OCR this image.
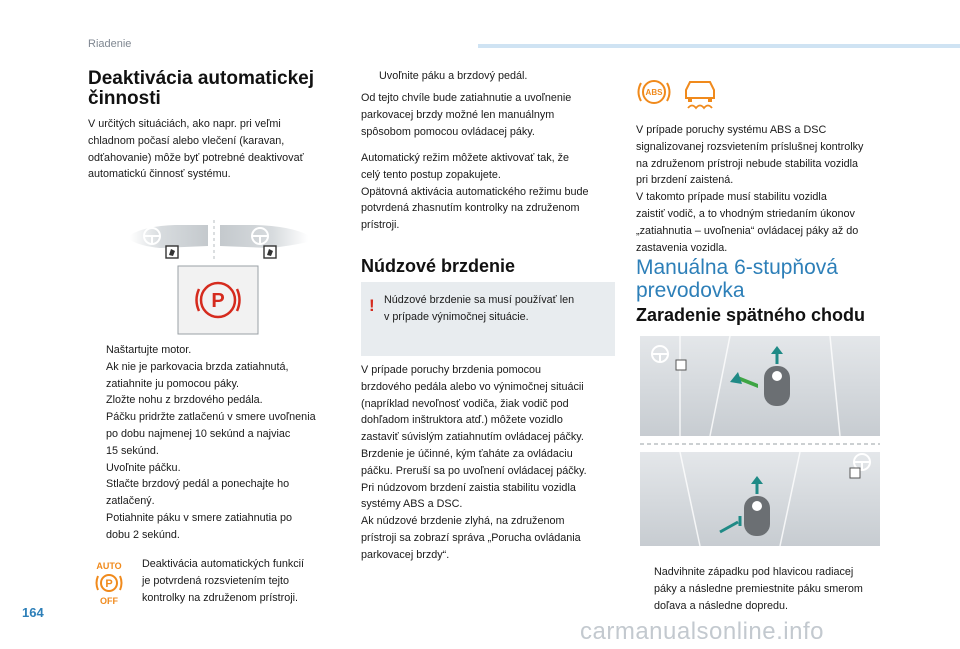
Riadenie
Deaktivácia automatickej
činnosti
V určitých situáciách, ako napr. pri veľmi
chladnom počasí alebo vlečení (karavan,
odťahovanie) môže byť potrebné deaktivovať
automatickú činnosť systému.
P
Naštartujte motor.
Ak nie je parkovacia brzda zatiahnutá,
zatiahnite ju pomocou páky.
Zložte nohu z brzdového pedála.
Páčku pridržte zatlačenú v smere uvoľnenia
po dobu najmenej 10 sekúnd a najviac
15 sekúnd.
Uvoľnite páčku.
Stlačte brzdový pedál a ponechajte ho
zatlačený.
Potiahnite páku v smere zatiahnutia po
dobu 2 sekúnd.
AUTO
P
OFF
Deaktivácia automatických funkcií
je potvrdená rozsvietením tejto
kontrolky na združenom prístroji.
Uvoľnite páku a brzdový pedál.
Od tejto chvíle bude zatiahnutie a uvoľnenie
parkovacej brzdy možné len manuálnym
spôsobom pomocou ovládacej páky.
Automatický režim môžete aktivovať tak, že
celý tento postup zopakujete.
Opätovná aktivácia automatického režimu bude
potvrdená zhasnutím kontrolky na združenom
prístroji.
Núdzové brzdenie
! Núdzové brzdenie sa musí používať len
v prípade výnimočnej situácie.
V prípade poruchy brzdenia pomocou
brzdového pedála alebo vo výnimočnej situácii
(napríklad nevoľnosť vodiča, žiak vodič pod
dohľadom inštruktora atď.) môžete vozidlo
zastaviť súvislým zatiahnutím ovládacej páčky.
Brzdenie je účinné, kým ťaháte za ovládaciu
páčku. Preruší sa po uvoľnení ovládacej páčky.
Pri núdzovom brzdení zaistia stabilitu vozidla
systémy ABS a DSC.
Ak núdzové brzdenie zlyhá, na združenom
prístroji sa zobrazí správa „Porucha ovládania
parkovacej brzdy“.
ABS
V prípade poruchy systému ABS a DSC
signalizovanej rozsvietením príslušnej kontrolky
na združenom prístroji nebude stabilita vozidla
pri brzdení zaistená.
V takomto prípade musí stabilitu vozidla
zaistiť vodič, a to vhodným striedaním úkonov
„zatiahnutia – uvoľnenia“ ovládacej páky až do
zastavenia vozidla.
Manuálna 6-stupňová
prevodovka
Zaradenie spätného chodu
Nadvihnite západku pod hlavicou radiacej
páky a následne premiestnite páku smerom
doľava a následne dopredu.
164
carmanualsonline.info
